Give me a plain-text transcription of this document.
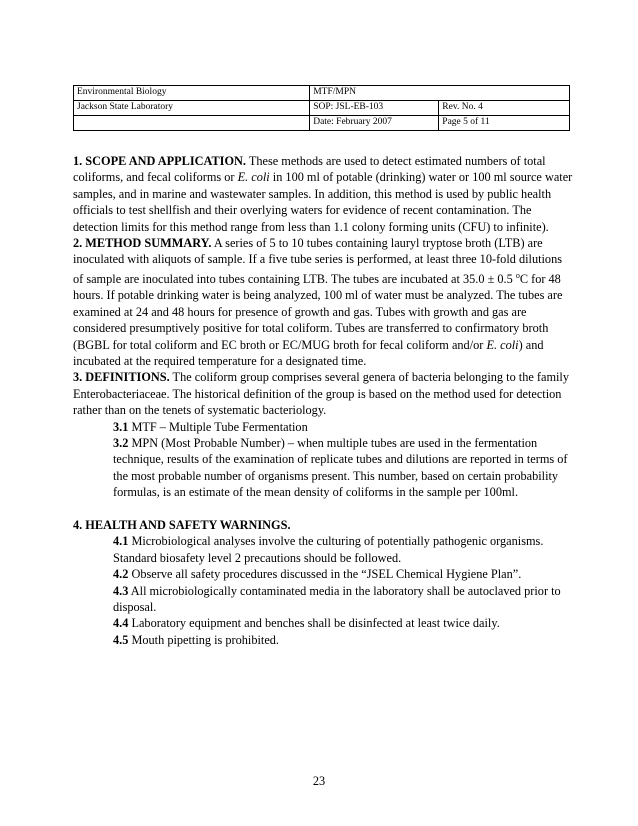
Environmental Biology	MTF/MPN	
Jackson State Laboratory	SOP: JSL-EB-103	Rev. No. 4
	Date: February 2007	Page 5 of 11

1. SCOPE AND APPLICATION. These methods are used to detect estimated numbers of total coliforms, and fecal coliforms or E. coli in 100 ml of potable (drinking) water or 100 ml source water samples, and in marine and wastewater samples. In addition, this method is used by public health officials to test shellfish and their overlying waters for evidence of recent contamination. The detection limits for this method range from less than 1.1 colony forming units (CFU) to infinite).

2. METHOD SUMMARY. A series of 5 to 10 tubes containing lauryl tryptose broth (LTB) are inoculated with aliquots of sample. If a five tube series is performed, at least three 10-fold dilutions of sample are inoculated into tubes containing LTB. The tubes are incubated at 35.0 ± 0.5 $^o$C for 48 hours. If potable drinking water is being analyzed, 100 ml of water must be analyzed. The tubes are examined at 24 and 48 hours for presence of growth and gas. Tubes with growth and gas are considered presumptively positive for total coliform. Tubes are transferred to confirmatory broth (BGBL for total coliform and EC broth or EC/MUG broth for fecal coliform and/or E. coli) and incubated at the required temperature for a designated time.

3. DEFINITIONS. The coliform group comprises several genera of bacteria belonging to the family Enterobacteriaceae. The historical definition of the group is based on the method used for detection rather than on the tenets of systematic bacteriology.

3.1 MTF – Multiple Tube Fermentation

3.2 MPN (Most Probable Number) – when multiple tubes are used in the fermentation technique, results of the examination of replicate tubes and dilutions are reported in terms of the most probable number of organisms present. This number, based on certain probability formulas, is an estimate of the mean density of coliforms in the sample per 100ml.

4. HEALTH AND SAFETY WARNINGS.

4.1 Microbiological analyses involve the culturing of potentially pathogenic organisms. Standard biosafety level 2 precautions should be followed.

4.2 Observe all safety procedures discussed in the “JSEL Chemical Hygiene Plan”.

4.3 All microbiologically contaminated media in the laboratory shall be autoclaved prior to disposal.

4.4 Laboratory equipment and benches shall be disinfected at least twice daily.

4.5 Mouth pipetting is prohibited.

23
